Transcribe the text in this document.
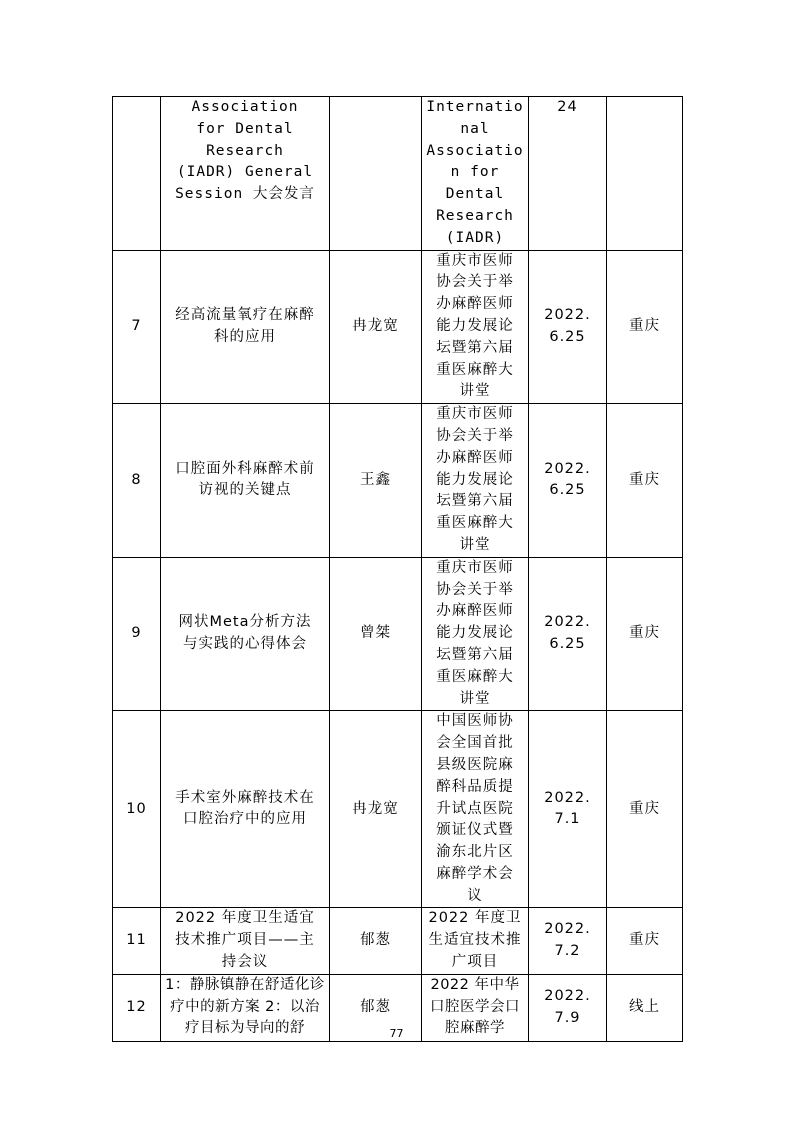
	Association for Dental Research (IADR) General Session 大会发言		International Association for Dental Research (IADR)	24	
7	经高流量氧疗在麻醉科的应用	冉龙宽	重庆市医师协会关于举办麻醉医师能力发展论坛暨第六届重医麻醉大讲堂	2022.6.25	重庆
8	口腔面外科麻醉术前访视的关键点	王鑫	重庆市医师协会关于举办麻醉医师能力发展论坛暨第六届重医麻醉大讲堂	2022.6.25	重庆
9	网状Meta分析方法与实践的心得体会	曾桀	重庆市医师协会关于举办麻醉医师能力发展论坛暨第六届重医麻醉大讲堂	2022.6.25	重庆
10	手术室外麻醉技术在口腔治疗中的应用	冉龙宽	中国医师协会全国首批县级医院麻醉科品质提升试点医院颁证仪式暨渝东北片区麻醉学术会议	2022.7.1	重庆
11	2022 年度卫生适宜技术推广项目——主持会议	郁葱	2022 年度卫生适宜技术推广项目	2022.7.2	重庆
12	1：静脉镇静在舒适化诊疗中的新方案 2：以治疗目标为导向的舒	郁葱	2022 年中华口腔医学会口腔麻醉学	2022.7.9	线上
77
